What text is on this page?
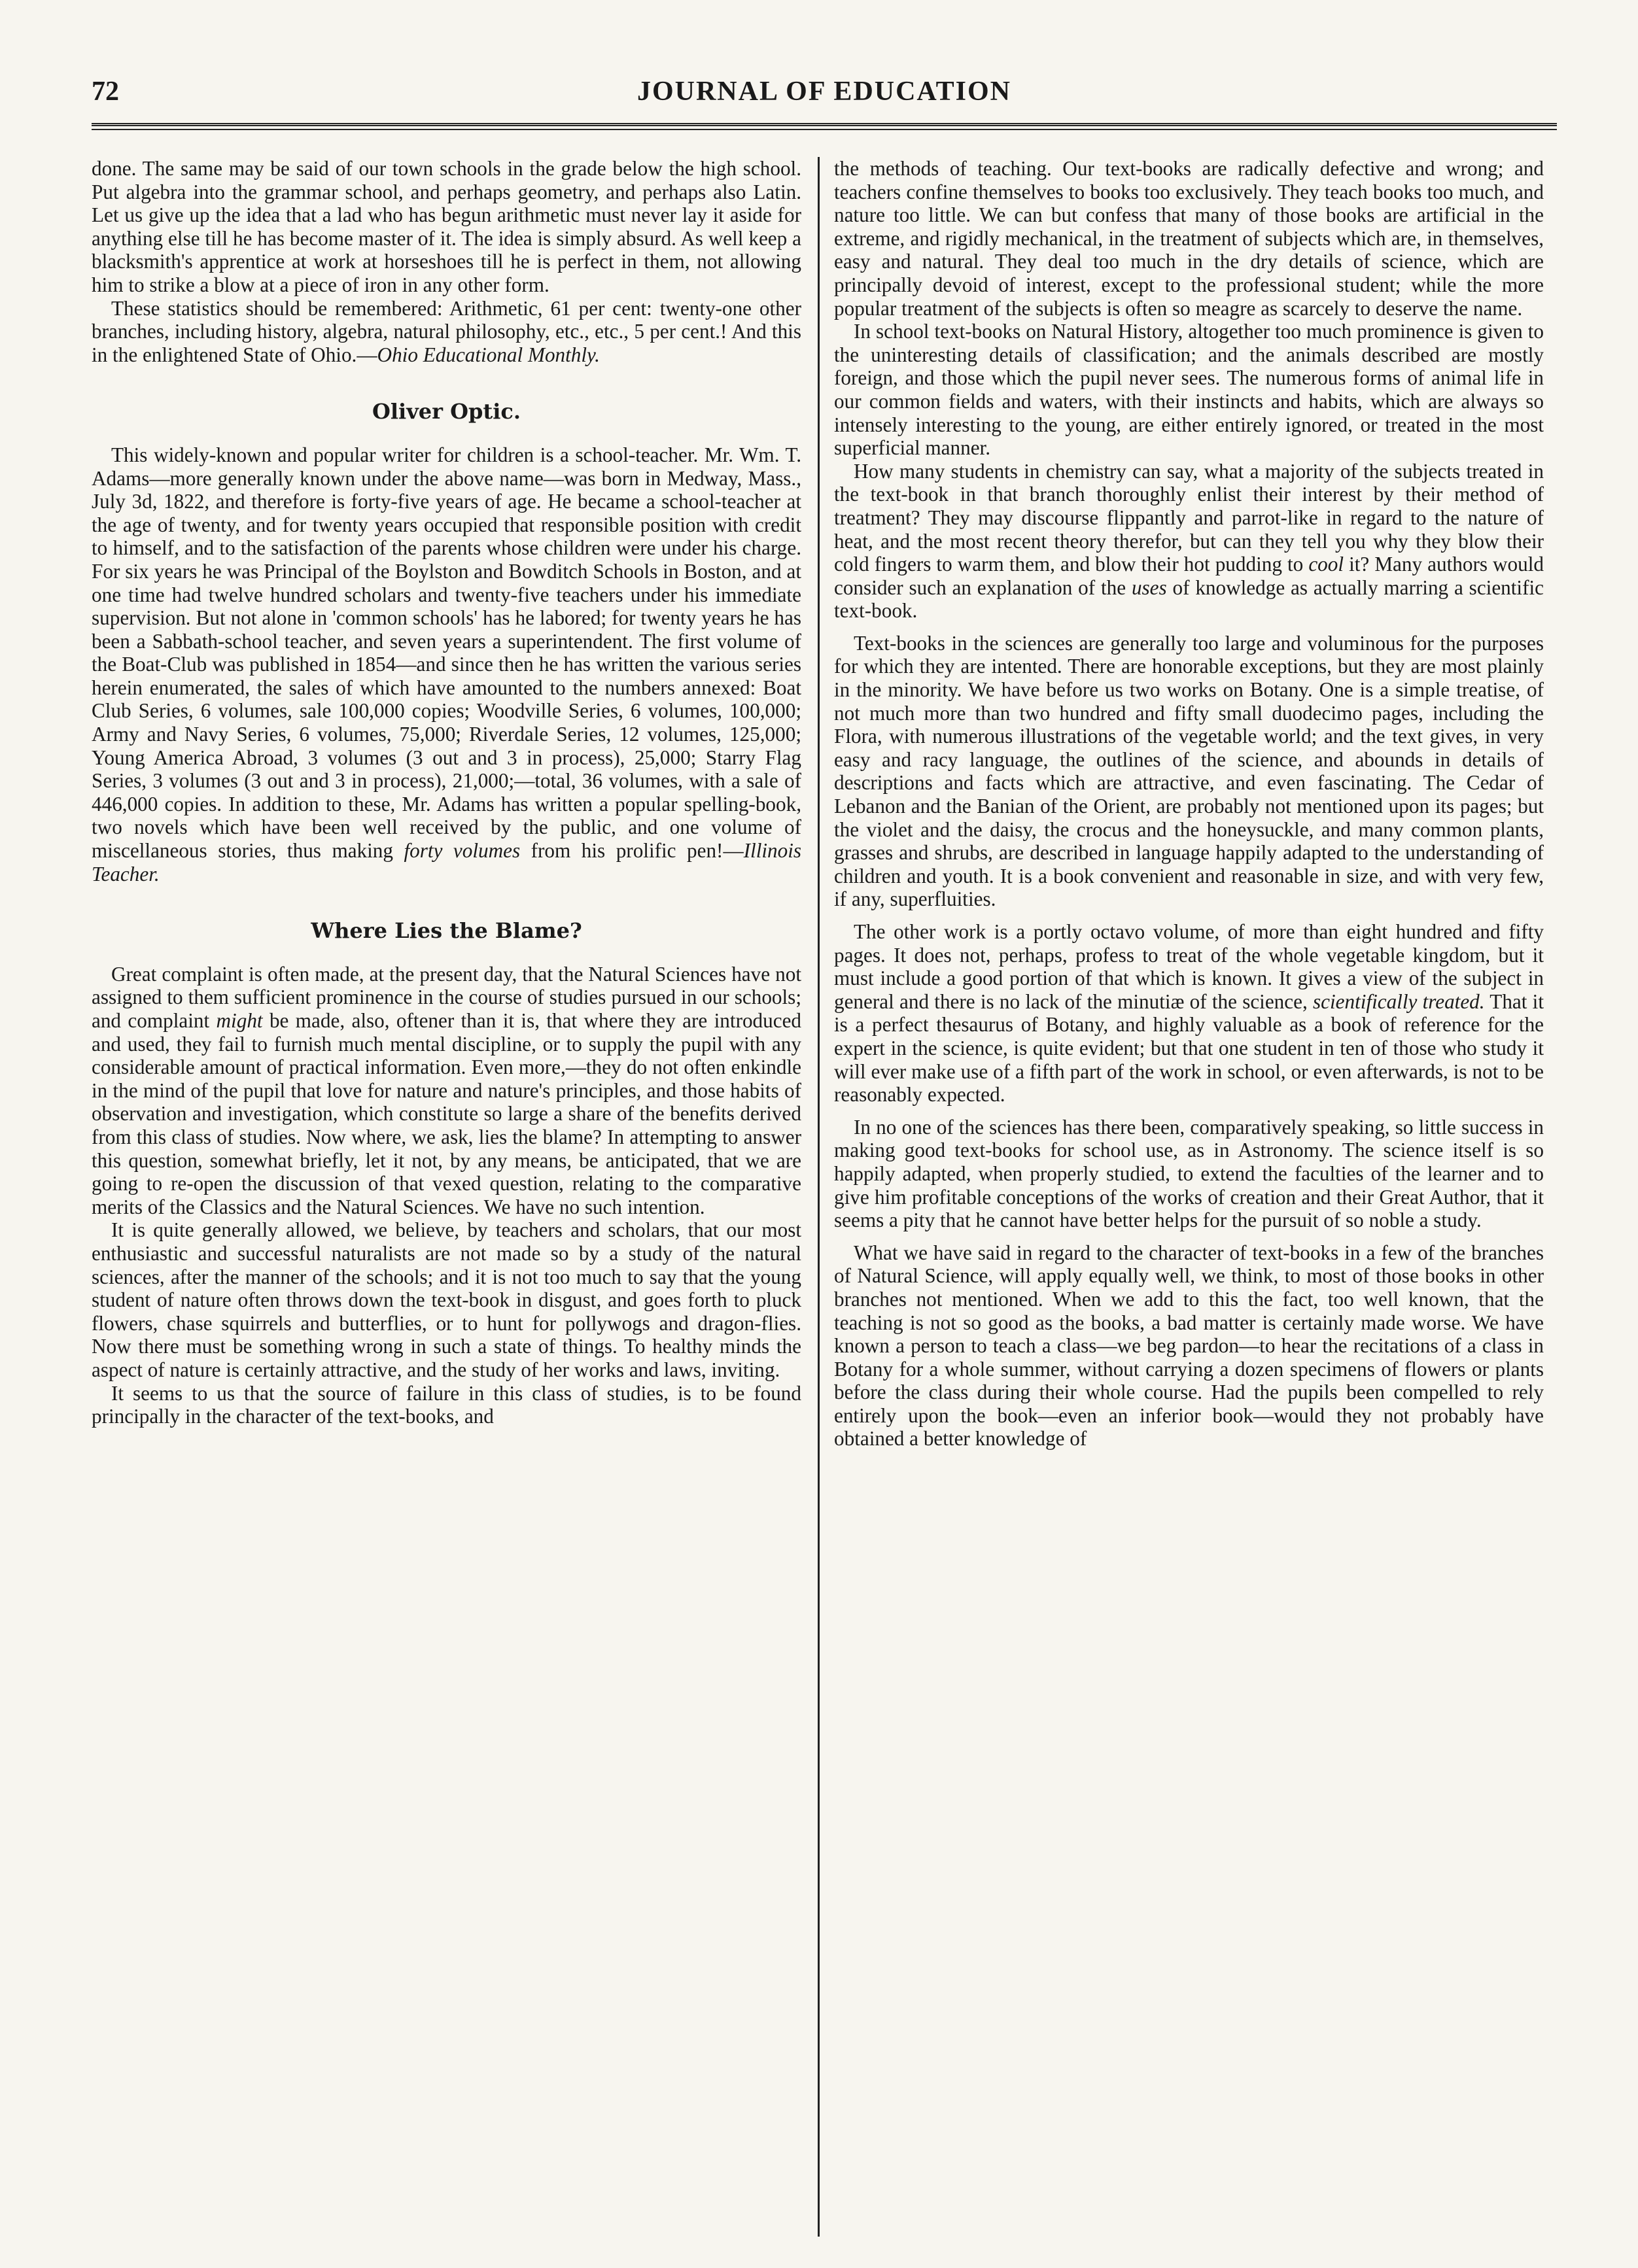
72	JOURNAL OF EDUCATION

done. The same may be said of our town schools in the grade below the high school. Put algebra into the grammar school, and perhaps geometry, and perhaps also Latin. Let us give up the idea that a lad who has begun arithmetic must never lay it aside for anything else till he has become master of it. The idea is simply absurd. As well keep a blacksmith's apprentice at work at horseshoes till he is perfect in them, not allowing him to strike a blow at a piece of iron in any other form.

These statistics should be remembered: Arithmetic, 61 per cent: twenty-one other branches, including history, algebra, natural philosophy, etc., etc., 5 per cent.! And this in the enlightened State of Ohio.—Ohio Educational Monthly.

Oliver Optic.

This widely-known and popular writer for children is a school-teacher. Mr. Wm. T. Adams—more generally known under the above name—was born in Medway, Mass., July 3d, 1822, and therefore is forty-five years of age. He became a school-teacher at the age of twenty, and for twenty years occupied that responsible position with credit to himself, and to the satisfaction of the parents whose children were under his charge. For six years he was Principal of the Boylston and Bowditch Schools in Boston, and at one time had twelve hundred scholars and twenty-five teachers under his immediate supervision. But not alone in 'common schools' has he labored; for twenty years he has been a Sabbath-school teacher, and seven years a superintendent. The first volume of the Boat-Club was published in 1854—and since then he has written the various series herein enumerated, the sales of which have amounted to the numbers annexed: Boat Club Series, 6 volumes, sale 100,000 copies; Woodville Series, 6 volumes, 100,000; Army and Navy Series, 6 volumes, 75,000; Riverdale Series, 12 volumes, 125,000; Young America Abroad, 3 volumes (3 out and 3 in process), 25,000; Starry Flag Series, 3 volumes (3 out and 3 in process), 21,000;—total, 36 volumes, with a sale of 446,000 copies. In addition to these, Mr. Adams has written a popular spelling-book, two novels which have been well received by the public, and one volume of miscellaneous stories, thus making forty volumes from his prolific pen!—Illinois Teacher.

Where Lies the Blame?

Great complaint is often made, at the present day, that the Natural Sciences have not assigned to them sufficient prominence in the course of studies pursued in our schools; and complaint might be made, also, oftener than it is, that where they are introduced and used, they fail to furnish much mental discipline, or to supply the pupil with any considerable amount of practical information. Even more,—they do not often enkindle in the mind of the pupil that love for nature and nature's principles, and those habits of observation and investigation, which constitute so large a share of the benefits derived from this class of studies. Now where, we ask, lies the blame? In attempting to answer this question, somewhat briefly, let it not, by any means, be anticipated, that we are going to re-open the discussion of that vexed question, relating to the comparative merits of the Classics and the Natural Sciences. We have no such intention.

It is quite generally allowed, we believe, by teachers and scholars, that our most enthusiastic and successful naturalists are not made so by a study of the natural sciences, after the manner of the schools; and it is not too much to say that the young student of nature often throws down the text-book in disgust, and goes forth to pluck flowers, chase squirrels and butterflies, or to hunt for pollywogs and dragon-flies. Now there must be something wrong in such a state of things. To healthy minds the aspect of nature is certainly attractive, and the study of her works and laws, inviting.

It seems to us that the source of failure in this class of studies, is to be found principally in the character of the text-books, and

the methods of teaching. Our text-books are radically defective and wrong; and teachers confine themselves to books too exclusively. They teach books too much, and nature too little. We can but confess that many of those books are artificial in the extreme, and rigidly mechanical, in the treatment of subjects which are, in themselves, easy and natural. They deal too much in the dry details of science, which are principally devoid of interest, except to the professional student; while the more popular treatment of the subjects is often so meagre as scarcely to deserve the name.

In school text-books on Natural History, altogether too much prominence is given to the uninteresting details of classification; and the animals described are mostly foreign, and those which the pupil never sees. The numerous forms of animal life in our common fields and waters, with their instincts and habits, which are always so intensely interesting to the young, are either entirely ignored, or treated in the most superficial manner.

How many students in chemistry can say, what a majority of the subjects treated in the text-book in that branch thoroughly enlist their interest by their method of treatment? They may discourse flippantly and parrot-like in regard to the nature of heat, and the most recent theory therefor, but can they tell you why they blow their cold fingers to warm them, and blow their hot pudding to cool it? Many authors would consider such an explanation of the uses of knowledge as actually marring a scientific text-book.

Text-books in the sciences are generally too large and voluminous for the purposes for which they are intented. There are honorable exceptions, but they are most plainly in the minority. We have before us two works on Botany. One is a simple treatise, of not much more than two hundred and fifty small duodecimo pages, including the Flora, with numerous illustrations of the vegetable world; and the text gives, in very easy and racy language, the outlines of the science, and abounds in details of descriptions and facts which are attractive, and even fascinating. The Cedar of Lebanon and the Banian of the Orient, are probably not mentioned upon its pages; but the violet and the daisy, the crocus and the honeysuckle, and many common plants, grasses and shrubs, are described in language happily adapted to the understanding of children and youth. It is a book convenient and reasonable in size, and with very few, if any, superfluities.

The other work is a portly octavo volume, of more than eight hundred and fifty pages. It does not, perhaps, profess to treat of the whole vegetable kingdom, but it must include a good portion of that which is known. It gives a view of the subject in general and there is no lack of the minutiæ of the science, scientifically treated. That it is a perfect thesaurus of Botany, and highly valuable as a book of reference for the expert in the science, is quite evident; but that one student in ten of those who study it will ever make use of a fifth part of the work in school, or even afterwards, is not to be reasonably expected.

In no one of the sciences has there been, comparatively speaking, so little success in making good text-books for school use, as in Astronomy. The science itself is so happily adapted, when properly studied, to extend the faculties of the learner and to give him profitable conceptions of the works of creation and their Great Author, that it seems a pity that he cannot have better helps for the pursuit of so noble a study.

What we have said in regard to the character of text-books in a few of the branches of Natural Science, will apply equally well, we think, to most of those books in other branches not mentioned. When we add to this the fact, too well known, that the teaching is not so good as the books, a bad matter is certainly made worse. We have known a person to teach a class—we beg pardon—to hear the recitations of a class in Botany for a whole summer, without carrying a dozen specimens of flowers or plants before the class during their whole course. Had the pupils been compelled to rely entirely upon the book—even an inferior book—would they not probably have obtained a better knowledge of
